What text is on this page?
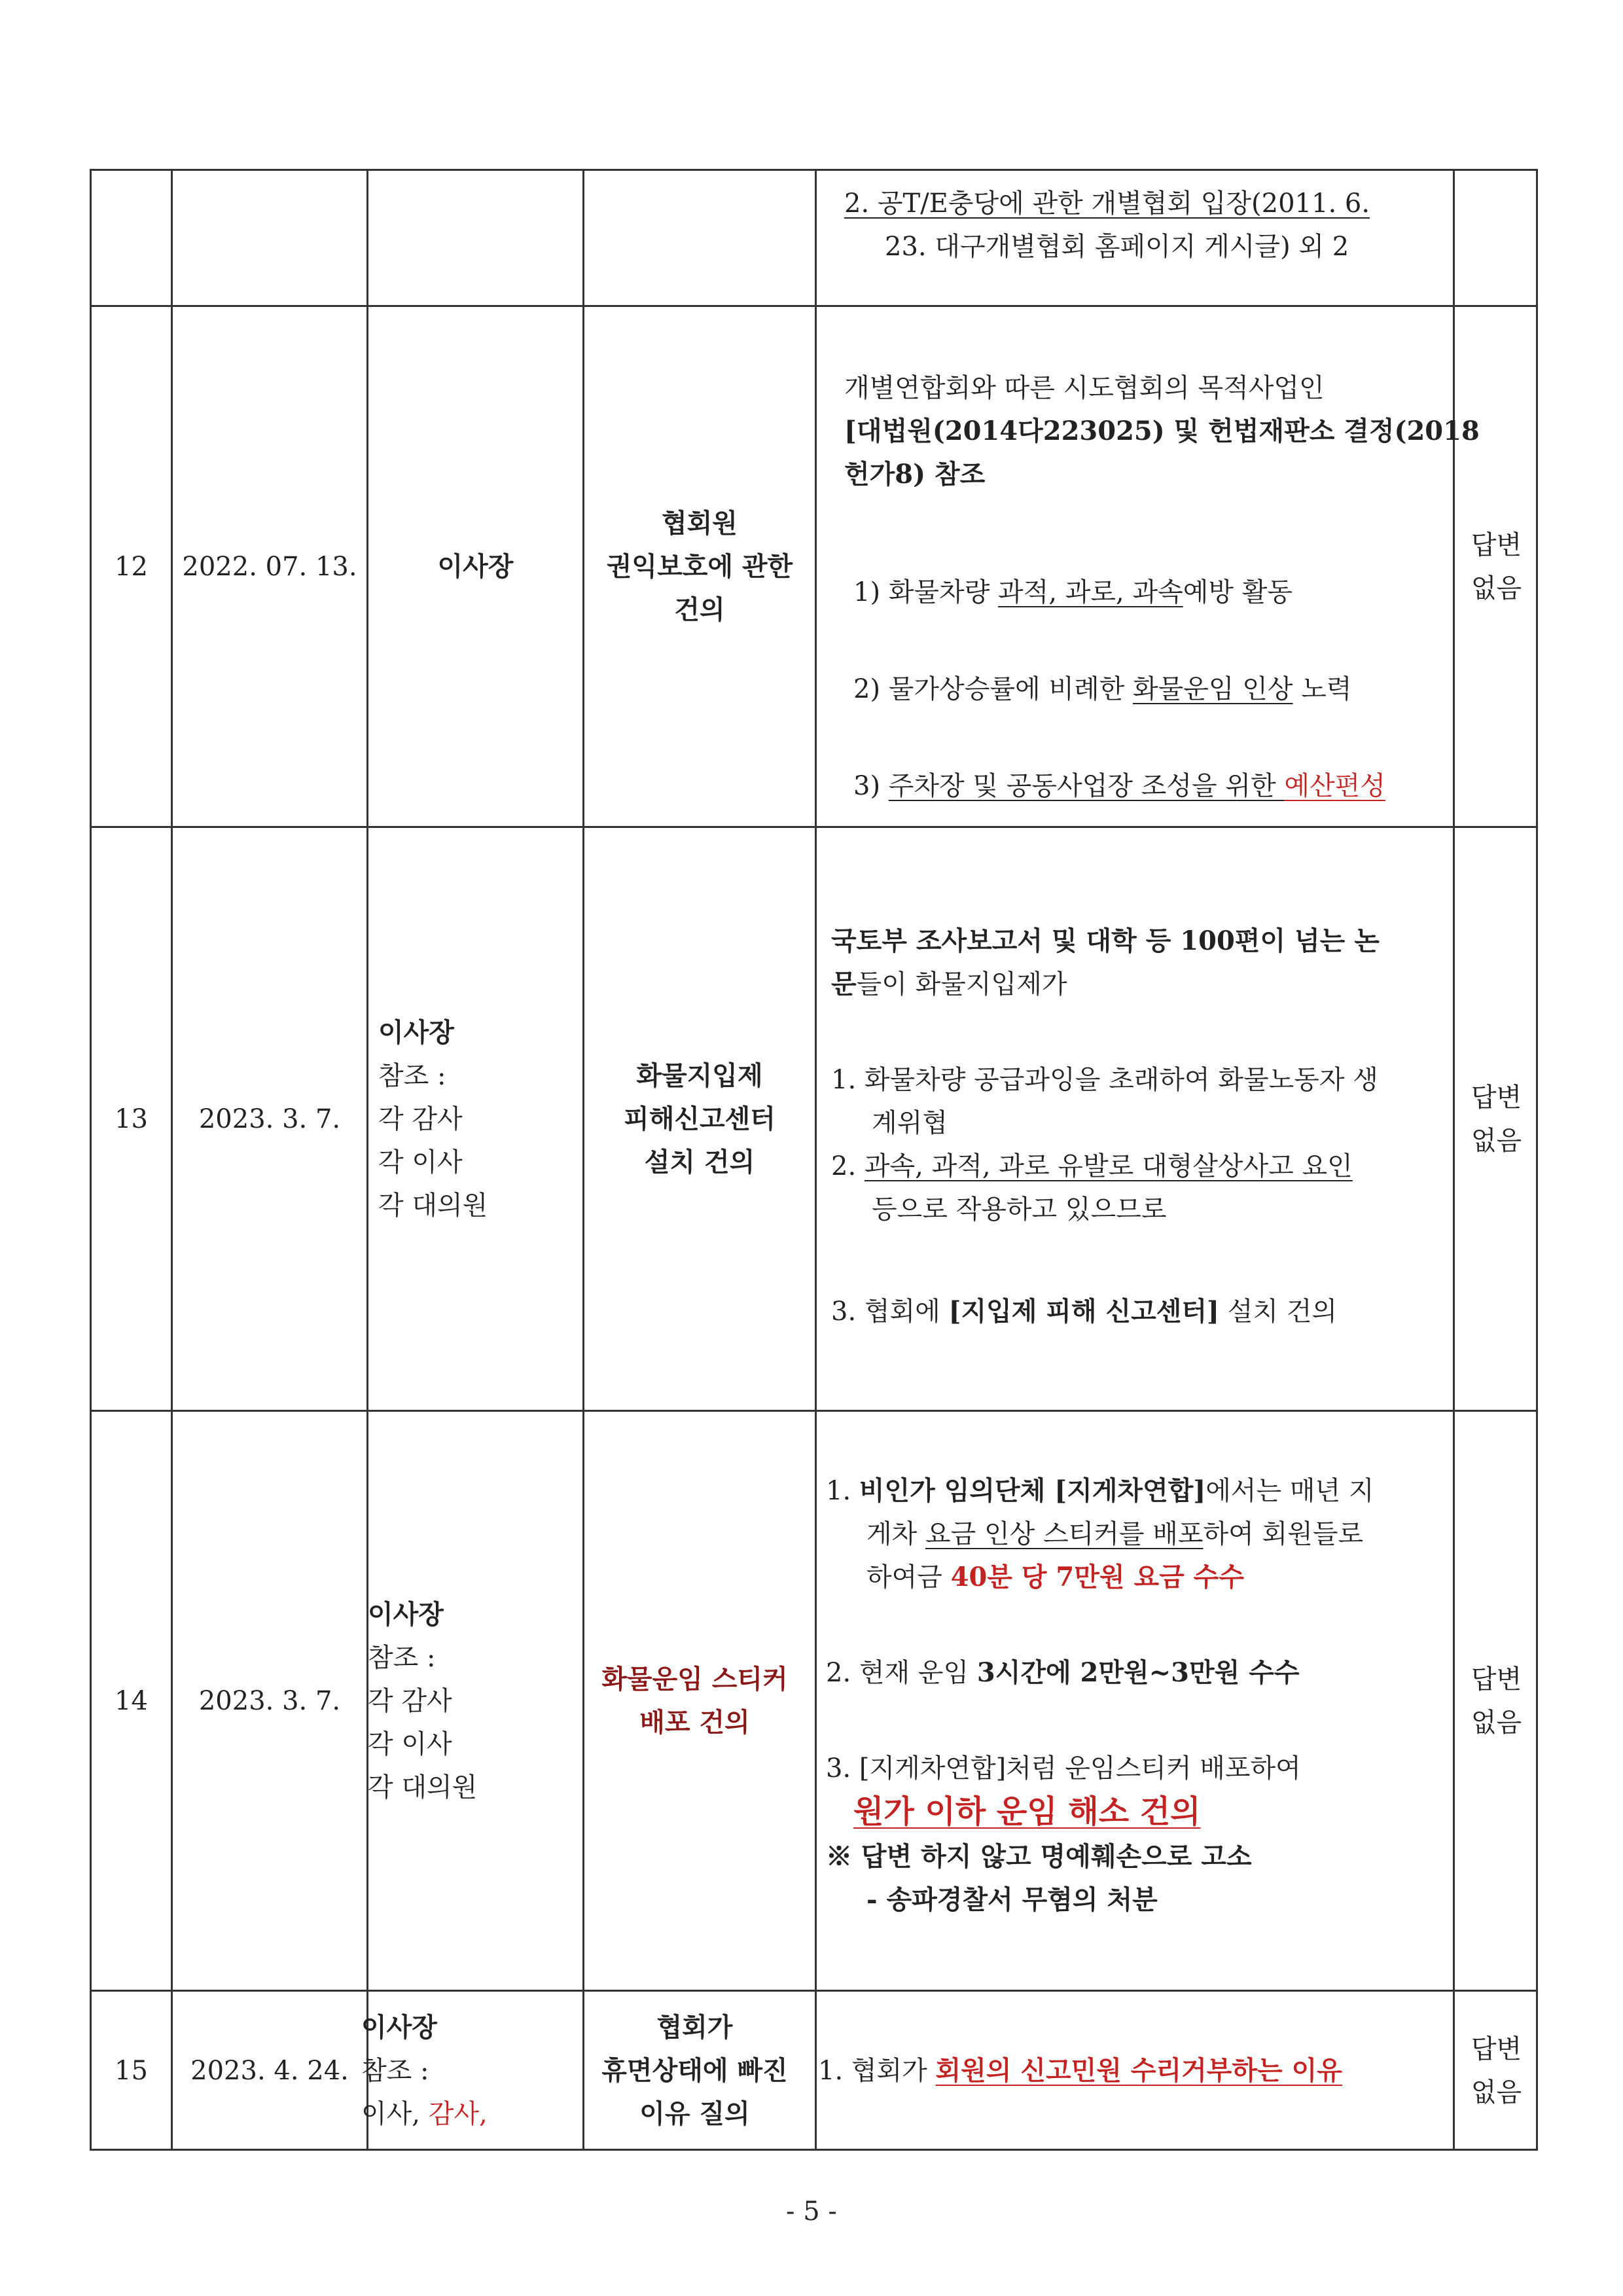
2. 공T/E충당에 관한 개별협회 입장(2011. 6.
23. 대구개별협회 홈페이지 게시글) 외 2
12 2022. 07. 13.	이사장
협회원
권익보호에 관한
건의
개별연합회와 따른 시도협회의 목적사업인
[대법원(2014다223025) 및 헌법재판소 결정(2018
헌가8) 참조
1) 화물차량 과적, 과로, 과속예방 활동
2) 물가상승률에 비례한 화물운임 인상 노력
3) 주차장 및 공동사업장 조성을 위한 예산편성
답변
없음
13 2023. 3. 7.
이사장
참조 :
각 감사
각 이사
각 대의원
화물지입제
피해신고센터
설치 건의
국토부 조사보고서 및 대학 등 100편이 넘는 논
문들이 화물지입제가
1. 화물차량 공급과잉을 초래하여 화물노동자 생
계위협
2. 과속, 과적, 과로 유발로 대형살상사고 요인
등으로 작용하고 있으므로
3. 협회에 [지입제 피해 신고센터] 설치 건의
답변
없음
14 2023. 3. 7.
이사장
참조 :
각 감사
각 이사
각 대의원
화물운임 스티커
배포 건의
1. 비인가 임의단체 [지게차연합]에서는 매년 지
게차 요금 인상 스티커를 배포하여 회원들로
하여금 40분 당 7만원 요금 수수
2. 현재 운임 3시간에 2만원~3만원 수수
3. [지게차연합]처럼 운임스티커 배포하여
원가 이하 운임 해소 건의
※ 답변 하지 않고 명예훼손으로 고소
- 송파경찰서 무혐의 처분
답변
없음
15 2023. 4. 24.
이사장
참조 :
이사, 감사,
협회가
휴면상태에 빠진
이유 질의
1. 협회가 회원의 신고민원 수리거부하는 이유
답변
없음
- 5 -
